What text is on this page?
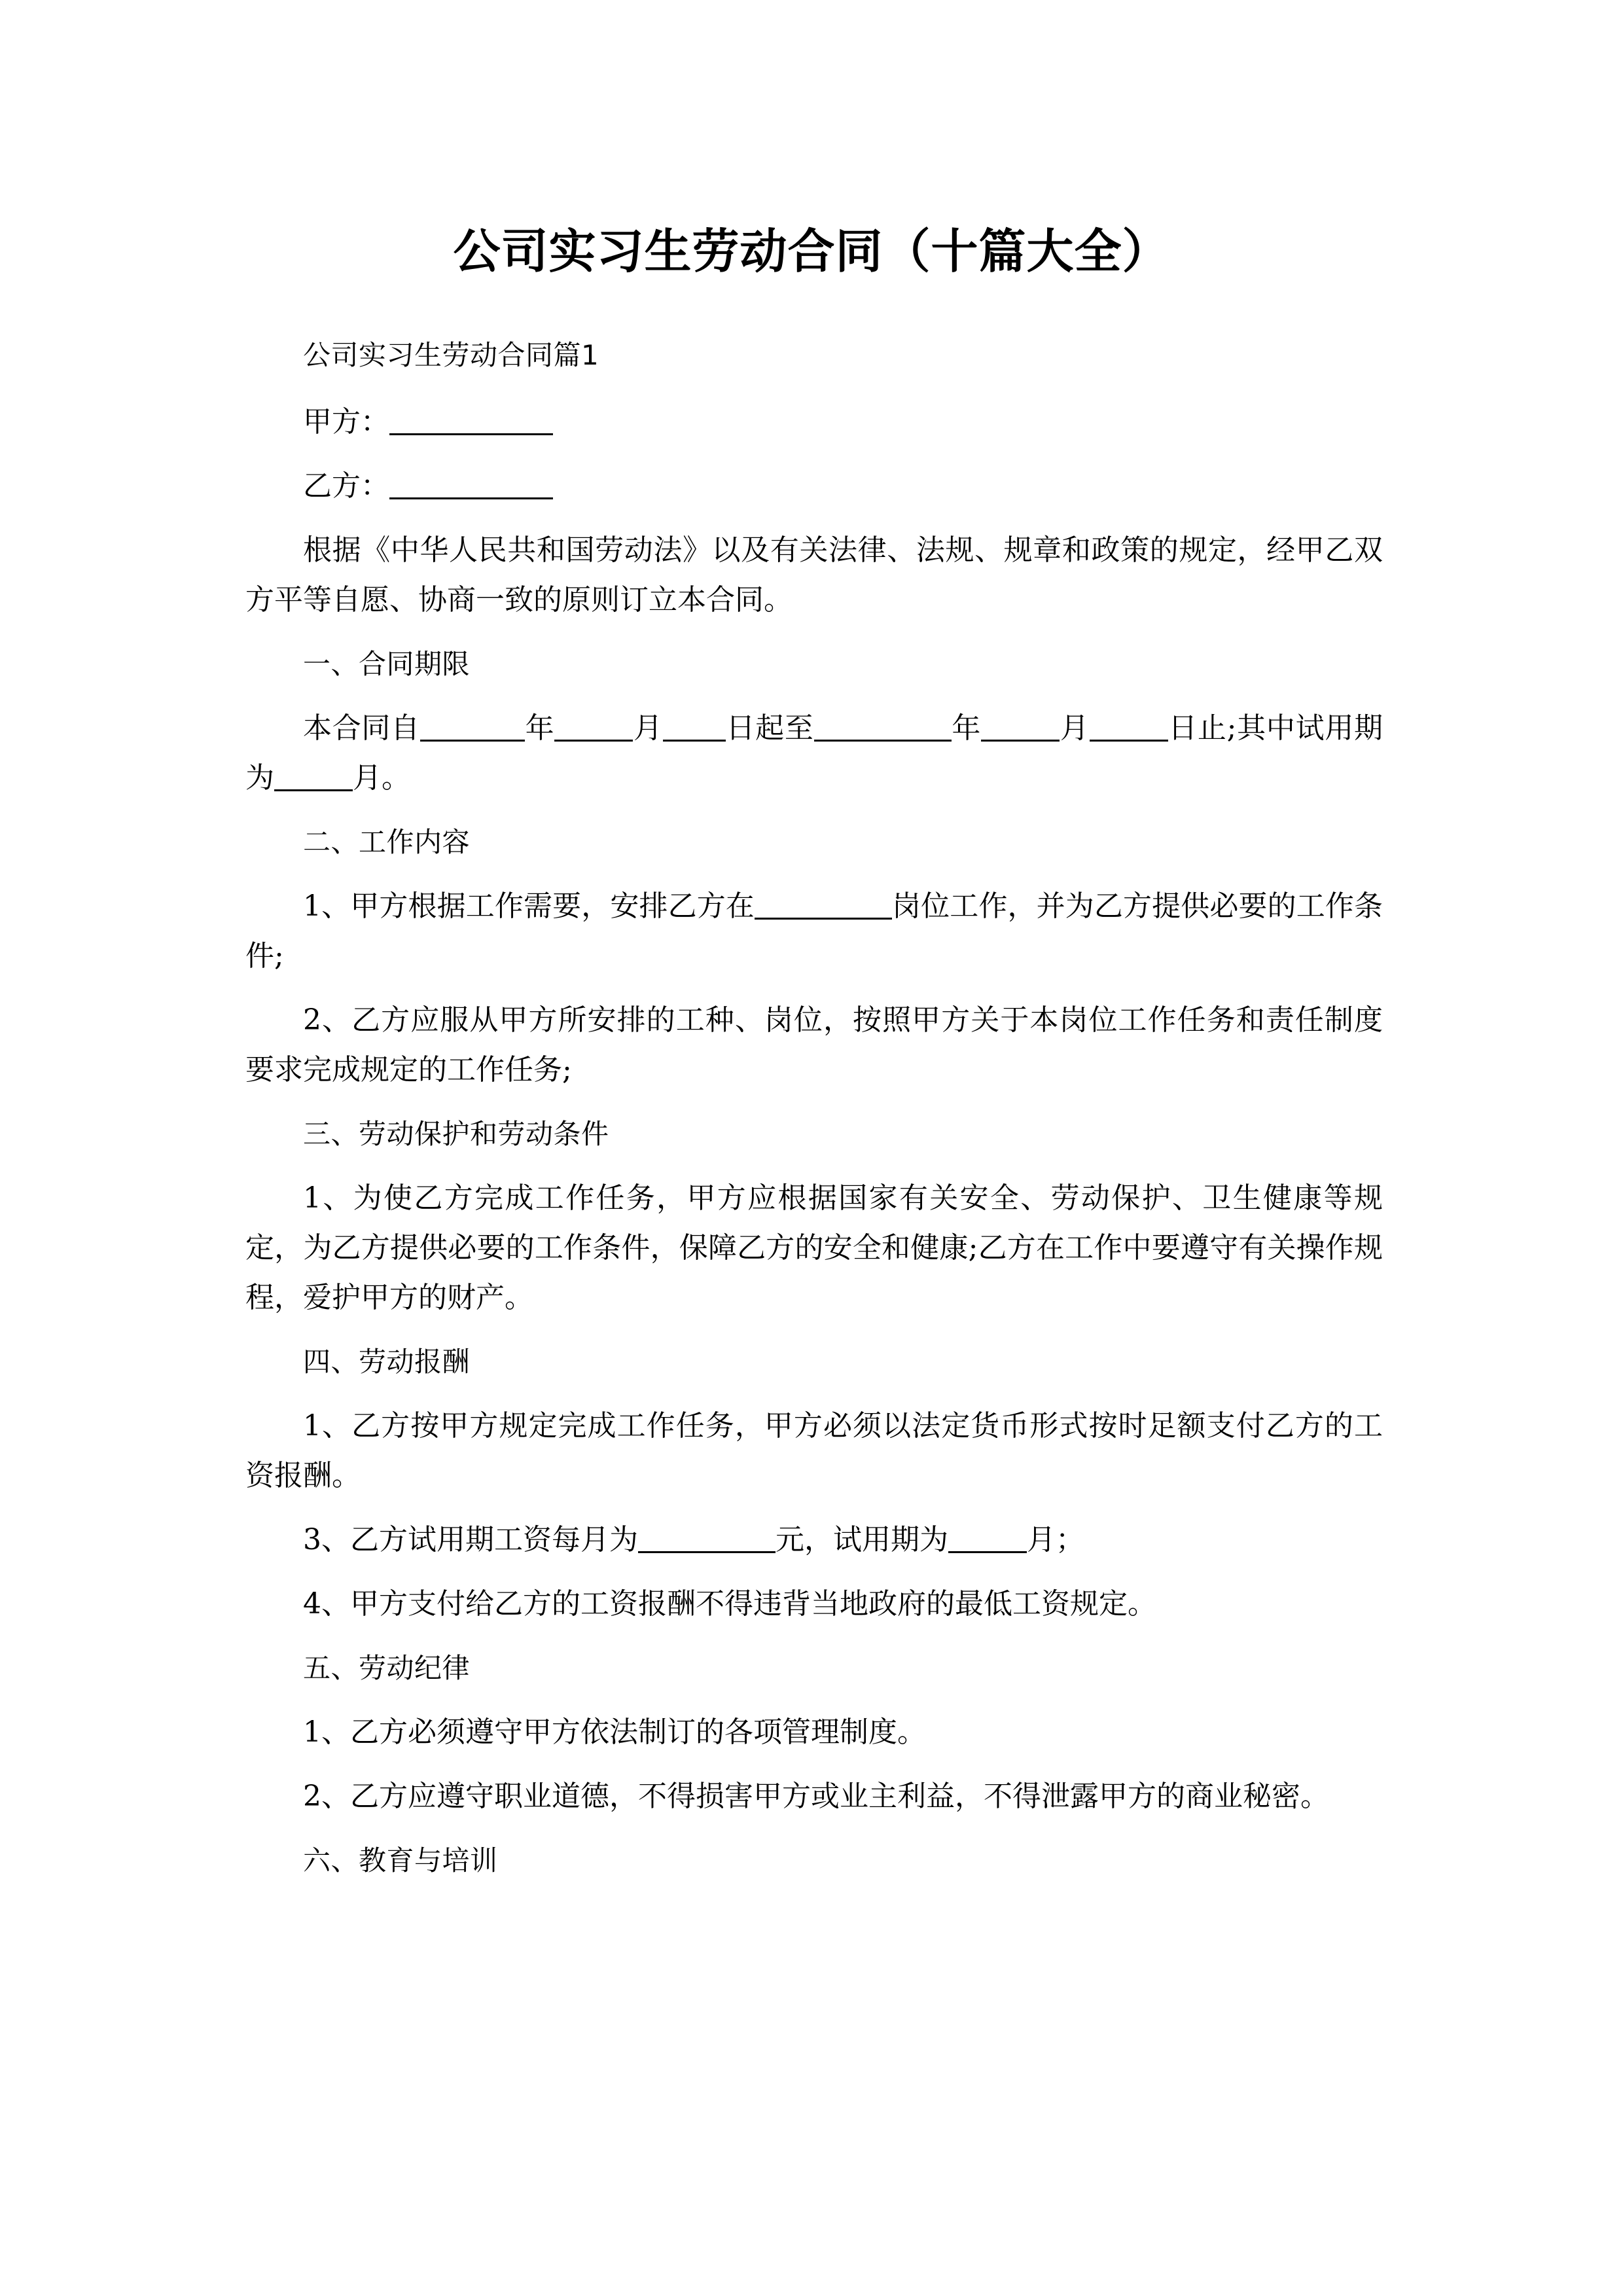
公司实习生劳动合同（十篇大全）

公司实习生劳动合同篇1

甲方：

乙方：

根据《中华人民共和国劳动法》以及有关法律、法规、规章和政策的规定，经甲乙双方平等自愿、协商一致的原则订立本合同。

一、合同期限

本合同自	年	月 日起至	年	月	日止;其中试用期为	月。

二、工作内容

1、甲方根据工作需要，安排乙方在	岗位工作，并为乙方提供必要的工作条件;

2、乙方应服从甲方所安排的工种、岗位，按照甲方关于本岗位工作任务和责任制度要求完成规定的工作任务;

三、劳动保护和劳动条件

1、为使乙方完成工作任务，甲方应根据国家有关安全、劳动保护、卫生健康等规定，为乙方提供必要的工作条件，保障乙方的安全和健康;乙方在工作中要遵守有关操作规程，爱护甲方的财产。

四、劳动报酬

1、乙方按甲方规定完成工作任务，甲方必须以法定货币形式按时足额支付乙方的工资报酬。

3、乙方试用期工资每月为	元，试用期为	月；

4、甲方支付给乙方的工资报酬不得违背当地政府的最低工资规定。

五、劳动纪律

1、乙方必须遵守甲方依法制订的各项管理制度。

2、乙方应遵守职业道德，不得损害甲方或业主利益，不得泄露甲方的商业秘密。

六、教育与培训
